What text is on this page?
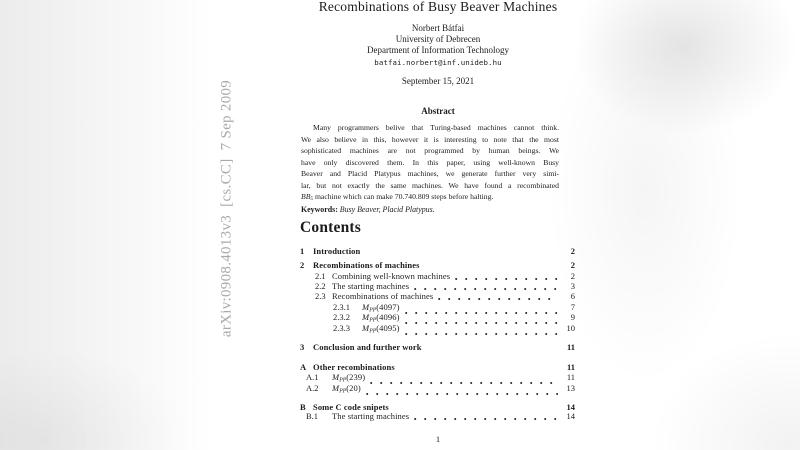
arXiv:0908.4013v3  [cs.CC]  7 Sep 2009
Recombinations of Busy Beaver Machines
Norbert Bátfai
University of Debrecen
Department of Information Technology
batfai.norbert@inf.unideb.hu
September 15, 2021
Abstract
Many programmers belive that Turing-based machines cannot think.
We also believe in this, however it is interesting to note that the most
sophisticated machines are not programmed by human beings. We
have only discovered them. In this paper, using well-known Busy
Beaver and Placid Platypus machines, we generate further very simi-
lar, but not exactly the same machines. We have found a recombinated
$BB_5$ machine which can make 70.740.809 steps before halting.
Keywords: Busy Beaver, Placid Platypus.
Contents
1	Introduction	2
2	Recombinations of machines	2
2.1 Combining well-known machines	2
2.2 The starting machines	3
2.3 Recombinations of machines	6
2.3.1	MPP(4097)	7
2.3.2	MPP(4096)	9
2.3.3	MPP(4095)	10
3	Conclusion and further work	11
A Other recombinations	11
A.1	MPP(239)	11
A.2	MPP(20)	13
B Some C code snipets	14
B.1	The starting machines	14
1
